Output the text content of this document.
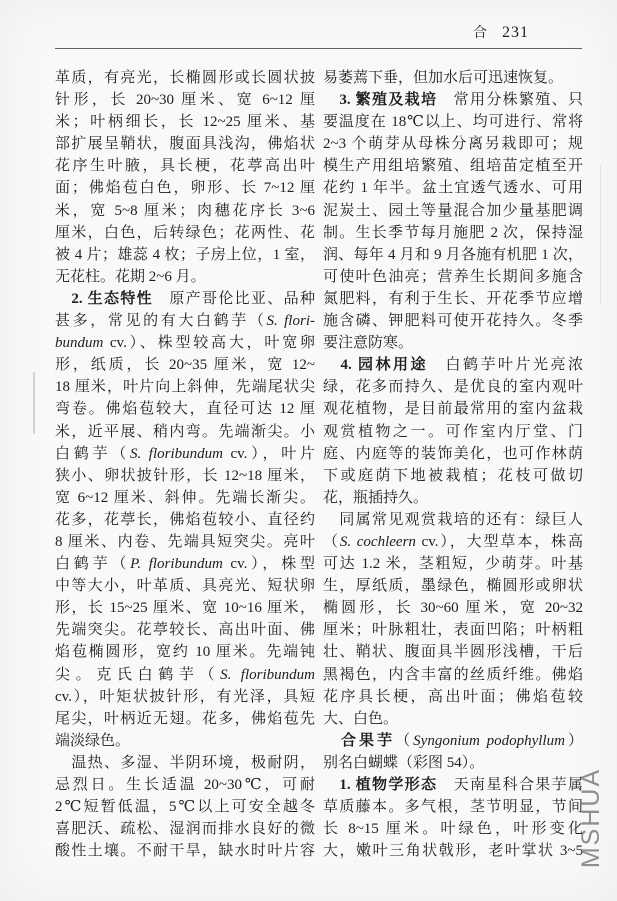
合 231
革质，有亮光，长椭圆形或长圆状披
针形，长 20~30 厘米、宽 6~12 厘
米；叶柄细长，长 12~25 厘米、基
部扩展呈鞘状，腹面具浅沟，佛焰状
花序生叶腋，具长梗，花葶高出叶
面；佛焰苞白色，卵形、长 7~12 厘
米，宽 5~8 厘米；肉穗花序长 3~6
厘米，白色，后转绿色；花两性、花
被 4 片；雄蕊 4 枚；子房上位，1 室，
无花柱。花期 2~6 月。
　2. 生态特性　原产哥伦比亚、品种
甚多，常见的有大白鹤芋（S. flori-
bundum cv.）、株型较高大，叶宽卵
形，纸质，长 20~35 厘米，宽 12~
18 厘米，叶片向上斜伸，先端尾状尖
弯卷。佛焰苞较大，直径可达 12 厘
米，近平展、稍内弯。先端渐尖。小
白鹤芋（S. floribundum cv.），叶片
狭小、卵状披针形，长 12~18 厘米，
宽 6~12 厘米、斜伸。先端长渐尖。
花多，花葶长，佛焰苞较小、直径约
8 厘米、内卷、先端具短突尖。亮叶
白鹤芋（P. floribundum cv.），株型
中等大小，叶革质、具亮光、短状卵
形，长 15~25 厘米、宽 10~16 厘米，
先端突尖。花葶较长、高出叶面、佛
焰苞椭圆形，宽约 10 厘米。先端钝
尖。克氏白鹤芋（S. floribundum
cv.），叶矩状披针形，有光泽，具短
尾尖，叶柄近无翅。花多，佛焰苞先
端淡绿色。
　温热、多湿、半阴环境，极耐阴，
忌烈日。生长适温 20~30℃，可耐
2℃短暂低温，5℃以上可安全越冬
喜肥沃、疏松、湿润而排水良好的微
酸性土壤。不耐干旱，缺水时叶片容
易萎蔫下垂，但加水后可迅速恢复。
　3. 繁殖及栽培　常用分株繁殖、只
要温度在 18℃以上、均可进行、常将
2~3 个萌芽从母株分离另栽即可；规
模生产用组培繁殖、组培苗定植至开
花约 1 年半。盆土宜透气透水、可用
泥炭土、园土等量混合加少量基肥调
制。生长季节每月施肥 2 次，保持湿
润、每年 4 月和 9 月各施有机肥 1 次，
可使叶色油亮；营养生长期间多施含
氮肥料，有利于生长、开花季节应增
施含磷、钾肥料可使开花持久。冬季
要注意防寒。
　4. 园林用途　白鹤芋叶片光亮浓
绿，花多而持久、是优良的室内观叶
观花植物，是目前最常用的室内盆栽
观赏植物之一。可作室内厅堂、门
庭、内庭等的装饰美化，也可作林荫
下或庭荫下地被栽植；花枝可做切
花，瓶插持久。
　同属常见观赏栽培的还有：绿巨人
（S. cochleern cv.），大型草本，株高
可达 1.2 米，茎粗短，少萌芽。叶基
生，厚纸质，墨绿色，椭圆形或卵状
椭圆形，长 30~60 厘米，宽 20~32
厘米；叶脉粗壮，表面凹陷；叶柄粗
壮、鞘状、腹面具半圆形浅槽，干后
黑褐色，内含丰富的丝质纤维。佛焰
花序具长梗，高出叶面；佛焰苞较
大、白色。
　合果芋（Syngonium podophyllum）
别名白蝴蝶（彩图 54）。
　1. 植物学形态　天南星科合果芋属
草质藤本。多气根，茎节明显，节间
长 8~15 厘米。叶绿色，叶形变化
大，嫩叶三角状戟形，老叶掌状 3~5
MSHUA
